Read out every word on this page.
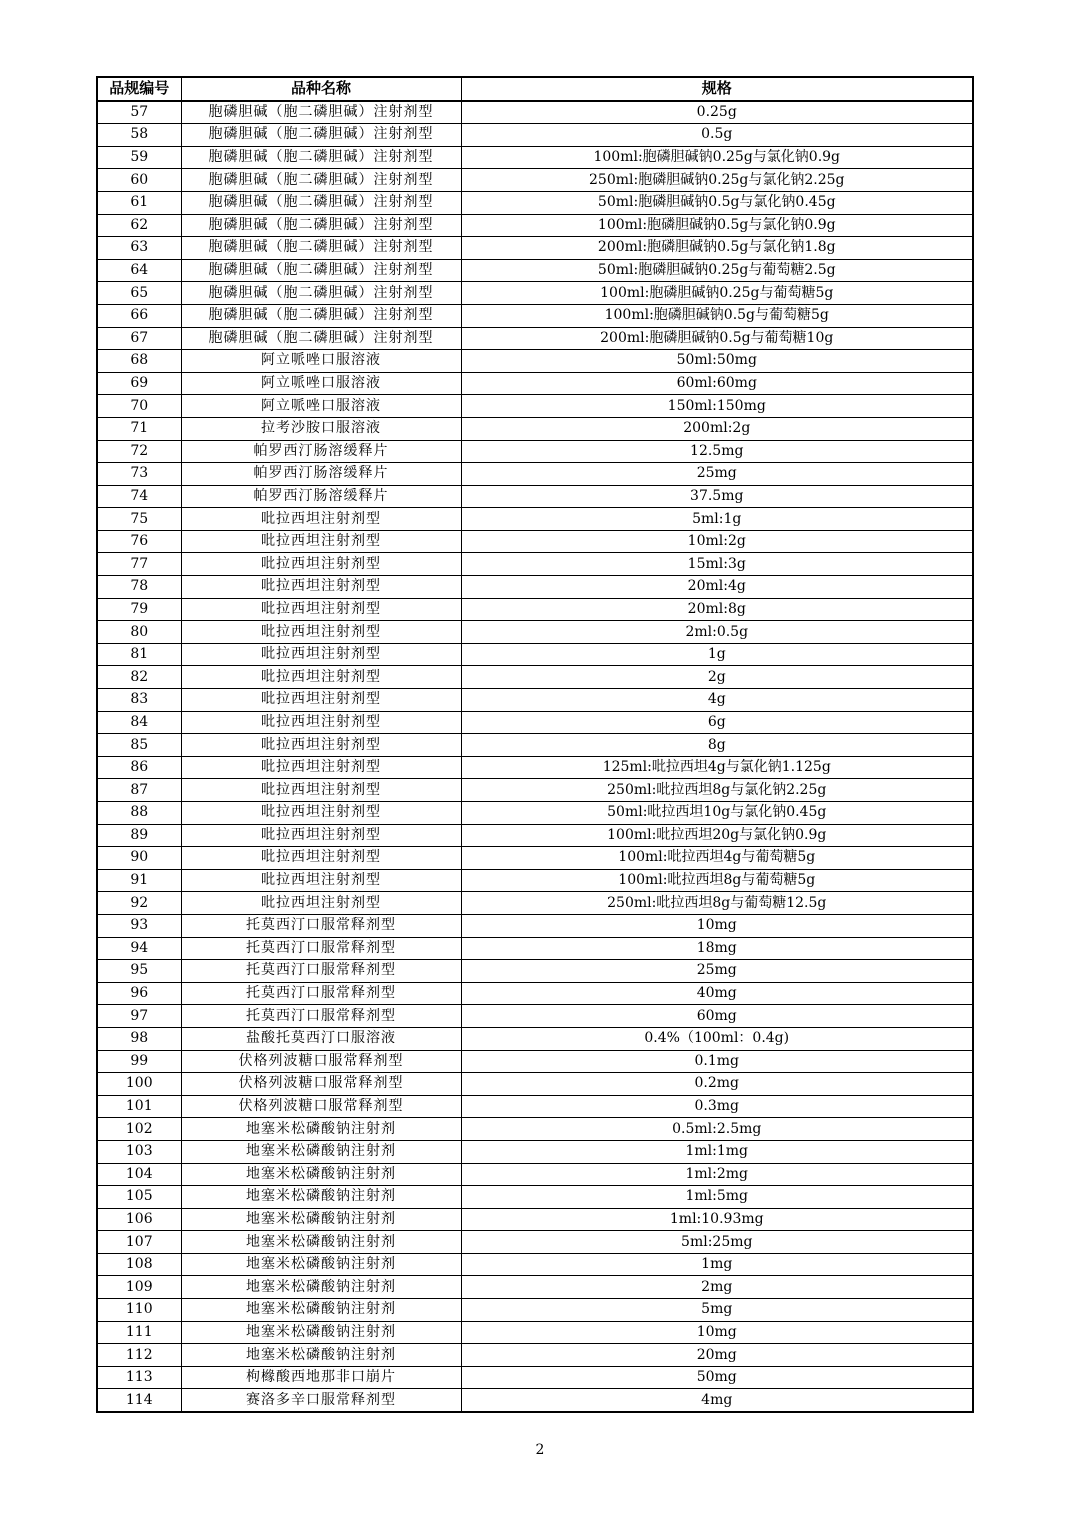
品规编号	品种名称	规格
57	胞磷胆碱（胞二磷胆碱）注射剂型	0.25g
58	胞磷胆碱（胞二磷胆碱）注射剂型	0.5g
59	胞磷胆碱（胞二磷胆碱）注射剂型	100ml:胞磷胆碱钠0.25g与氯化钠0.9g
60	胞磷胆碱（胞二磷胆碱）注射剂型	250ml:胞磷胆碱钠0.25g与氯化钠2.25g
61	胞磷胆碱（胞二磷胆碱）注射剂型	50ml:胞磷胆碱钠0.5g与氯化钠0.45g
62	胞磷胆碱（胞二磷胆碱）注射剂型	100ml:胞磷胆碱钠0.5g与氯化钠0.9g
63	胞磷胆碱（胞二磷胆碱）注射剂型	200ml:胞磷胆碱钠0.5g与氯化钠1.8g
64	胞磷胆碱（胞二磷胆碱）注射剂型	50ml:胞磷胆碱钠0.25g与葡萄糖2.5g
65	胞磷胆碱（胞二磷胆碱）注射剂型	100ml:胞磷胆碱钠0.25g与葡萄糖5g
66	胞磷胆碱（胞二磷胆碱）注射剂型	100ml:胞磷胆碱钠0.5g与葡萄糖5g
67	胞磷胆碱（胞二磷胆碱）注射剂型	200ml:胞磷胆碱钠0.5g与葡萄糖10g
68	阿立哌唑口服溶液	50ml:50mg
69	阿立哌唑口服溶液	60ml:60mg
70	阿立哌唑口服溶液	150ml:150mg
71	拉考沙胺口服溶液	200ml:2g
72	帕罗西汀肠溶缓释片	12.5mg
73	帕罗西汀肠溶缓释片	25mg
74	帕罗西汀肠溶缓释片	37.5mg
75	吡拉西坦注射剂型	5ml:1g
76	吡拉西坦注射剂型	10ml:2g
77	吡拉西坦注射剂型	15ml:3g
78	吡拉西坦注射剂型	20ml:4g
79	吡拉西坦注射剂型	20ml:8g
80	吡拉西坦注射剂型	2ml:0.5g
81	吡拉西坦注射剂型	1g
82	吡拉西坦注射剂型	2g
83	吡拉西坦注射剂型	4g
84	吡拉西坦注射剂型	6g
85	吡拉西坦注射剂型	8g
86	吡拉西坦注射剂型	125ml:吡拉西坦4g与氯化钠1.125g
87	吡拉西坦注射剂型	250ml:吡拉西坦8g与氯化钠2.25g
88	吡拉西坦注射剂型	50ml:吡拉西坦10g与氯化钠0.45g
89	吡拉西坦注射剂型	100ml:吡拉西坦20g与氯化钠0.9g
90	吡拉西坦注射剂型	100ml:吡拉西坦4g与葡萄糖5g
91	吡拉西坦注射剂型	100ml:吡拉西坦8g与葡萄糖5g
92	吡拉西坦注射剂型	250ml:吡拉西坦8g与葡萄糖12.5g
93	托莫西汀口服常释剂型	10mg
94	托莫西汀口服常释剂型	18mg
95	托莫西汀口服常释剂型	25mg
96	托莫西汀口服常释剂型	40mg
97	托莫西汀口服常释剂型	60mg
98	盐酸托莫西汀口服溶液	0.4%（100ml：0.4g)
99	伏格列波糖口服常释剂型	0.1mg
100	伏格列波糖口服常释剂型	0.2mg
101	伏格列波糖口服常释剂型	0.3mg
102	地塞米松磷酸钠注射剂	0.5ml:2.5mg
103	地塞米松磷酸钠注射剂	1ml:1mg
104	地塞米松磷酸钠注射剂	1ml:2mg
105	地塞米松磷酸钠注射剂	1ml:5mg
106	地塞米松磷酸钠注射剂	1ml:10.93mg
107	地塞米松磷酸钠注射剂	5ml:25mg
108	地塞米松磷酸钠注射剂	1mg
109	地塞米松磷酸钠注射剂	2mg
110	地塞米松磷酸钠注射剂	5mg
111	地塞米松磷酸钠注射剂	10mg
112	地塞米松磷酸钠注射剂	20mg
113	枸橼酸西地那非口崩片	50mg
114	赛洛多辛口服常释剂型	4mg
2
